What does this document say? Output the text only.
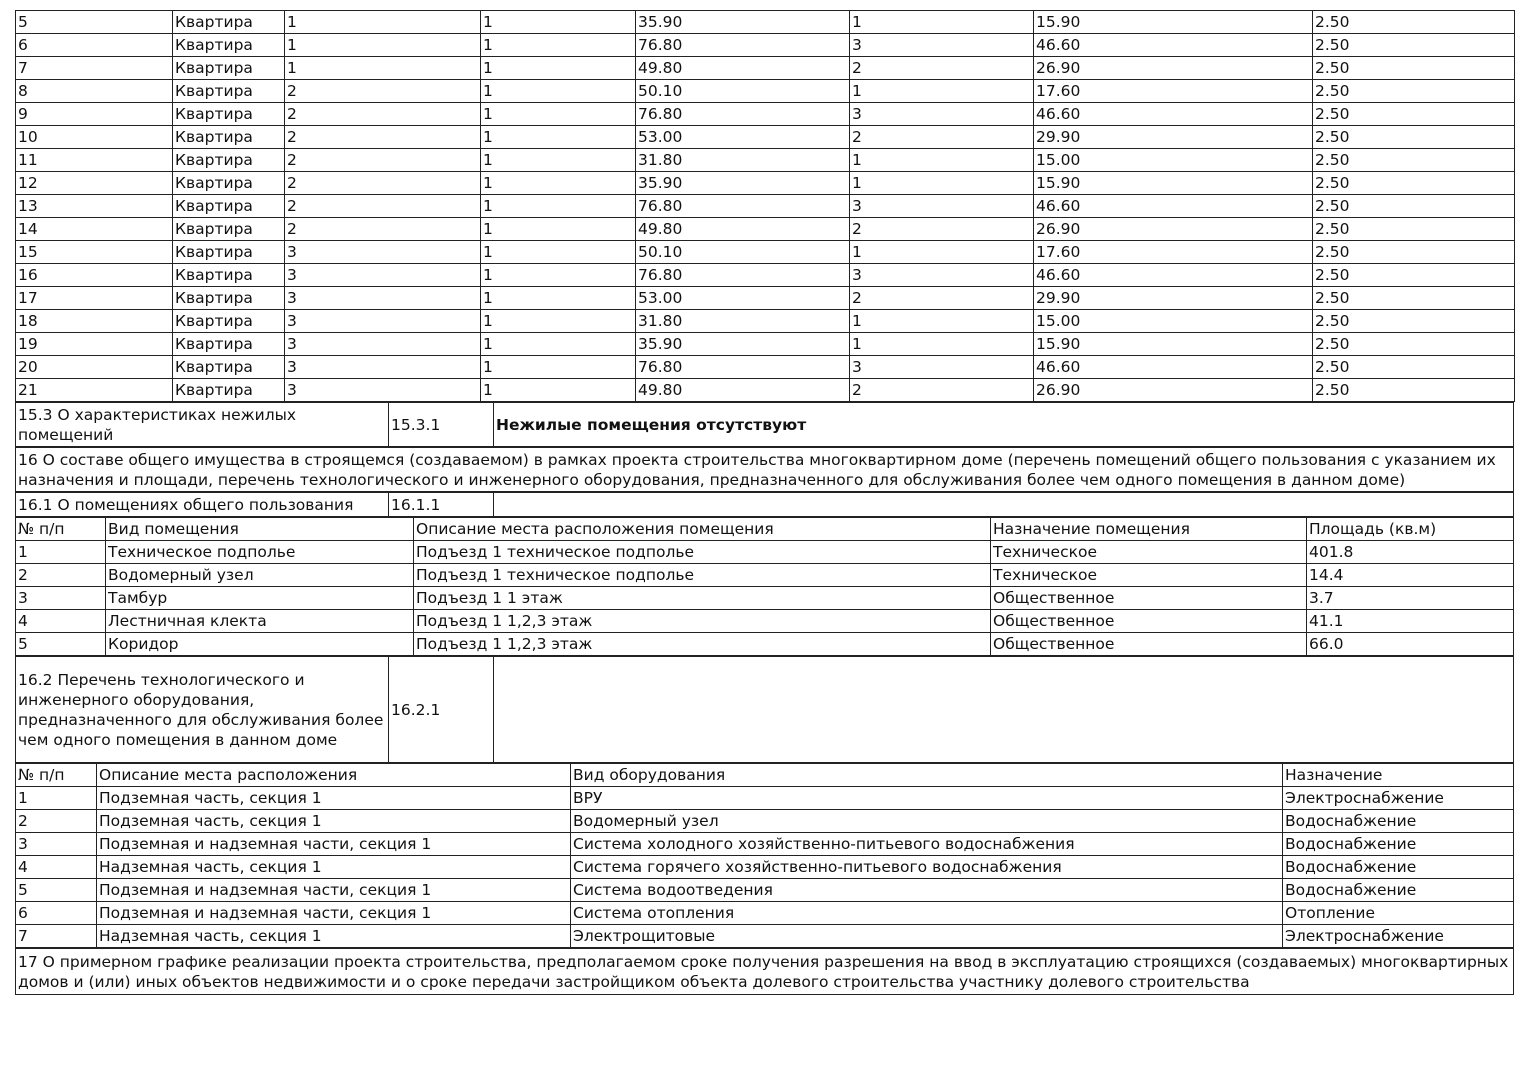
5	Квартира	1	1	35.90	1	15.90	2.50
6	Квартира	1	1	76.80	3	46.60	2.50
7	Квартира	1	1	49.80	2	26.90	2.50
8	Квартира	2	1	50.10	1	17.60	2.50
9	Квартира	2	1	76.80	3	46.60	2.50
10	Квартира	2	1	53.00	2	29.90	2.50
11	Квартира	2	1	31.80	1	15.00	2.50
12	Квартира	2	1	35.90	1	15.90	2.50
13	Квартира	2	1	76.80	3	46.60	2.50
14	Квартира	2	1	49.80	2	26.90	2.50
15	Квартира	3	1	50.10	1	17.60	2.50
16	Квартира	3	1	76.80	3	46.60	2.50
17	Квартира	3	1	53.00	2	29.90	2.50
18	Квартира	3	1	31.80	1	15.00	2.50
19	Квартира	3	1	35.90	1	15.90	2.50
20	Квартира	3	1	76.80	3	46.60	2.50
21	Квартира	3	1	49.80	2	26.90	2.50
15.3 О характеристиках нежилых помещений	15.3.1	Нежилые помещения отсутствуют
16 О составе общего имущества в строящемся (создаваемом) в рамках проекта строительства многоквартирном доме (перечень помещений общего пользования с указанием их назначения и площади, перечень технологического и инженерного оборудования, предназначенного для обслуживания более чем одного помещения в данном доме)
16.1 О помещениях общего пользования	16.1.1	
№ п/п	Вид помещения	Описание места расположения помещения	Назначение помещения	Площадь (кв.м)
1	Техническое подполье	Подъезд 1 техническое подполье	Техническое	401.8
2	Водомерный узел	Подъезд 1 техническое подполье	Техническое	14.4
3	Тамбур	Подъезд 1 1 этаж	Общественное	3.7
4	Лестничная клекта	Подъезд 1 1,2,3 этаж	Общественное	41.1
5	Коридор	Подъезд 1 1,2,3 этаж	Общественное	66.0
16.2 Перечень технологического и инженерного оборудования, предназначенного для обслуживания более чем одного помещения в данном доме	16.2.1	
№ п/п	Описание места расположения	Вид оборудования	Назначение
1	Подземная часть, секция 1	ВРУ	Электроснабжение
2	Подземная часть, секция 1	Водомерный узел	Водоснабжение
3	Подземная и надземная части, секция 1	Система холодного хозяйственно-питьевого водоснабжения	Водоснабжение
4	Надземная часть, секция 1	Система горячего хозяйственно-питьевого водоснабжения	Водоснабжение
5	Подземная и надземная части, секция 1	Система водоотведения	Водоснабжение
6	Подземная и надземная части, секция 1	Система отопления	Отопление
7	Надземная часть, секция 1	Электрощитовые	Электроснабжение
17 О примерном графике реализации проекта строительства, предполагаемом сроке получения разрешения на ввод в эксплуатацию строящихся (создаваемых) многоквартирных домов и (или) иных объектов недвижимости и о сроке передачи застройщиком объекта долевого строительства участнику долевого строительства
